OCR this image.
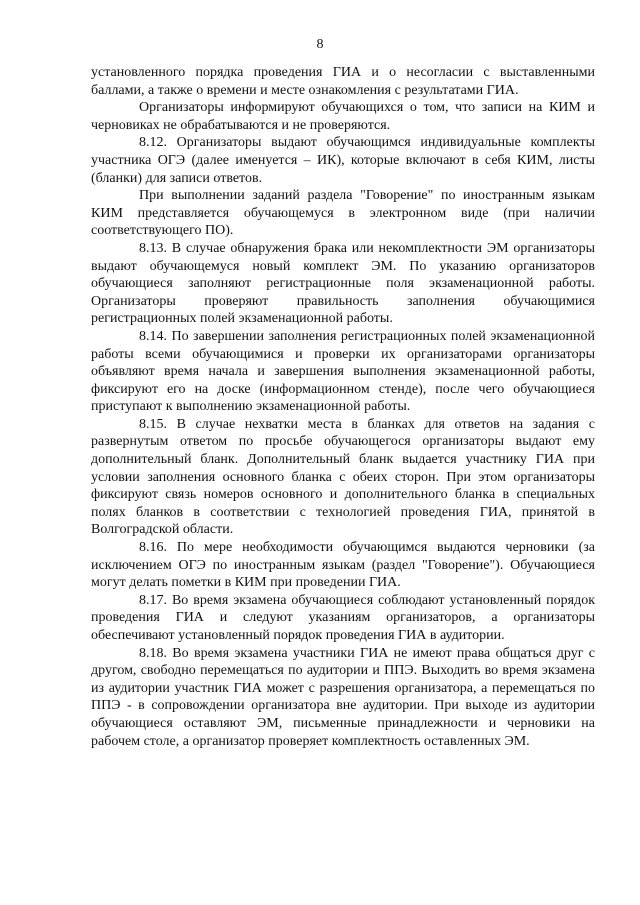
8

установленного порядка проведения ГИА и о несогласии с выставленными баллами, а также о времени и месте ознакомления с результатами ГИА.

Организаторы информируют обучающихся о том, что записи на КИМ и черновиках не обрабатываются и не проверяются.

8.12. Организаторы выдают обучающимся индивидуальные комплекты участника ОГЭ (далее именуется – ИК), которые включают в себя КИМ, листы (бланки) для записи ответов.

При выполнении заданий раздела "Говорение" по иностранным языкам КИМ представляется обучающемуся в электронном виде (при наличии соответствующего ПО).

8.13. В случае обнаружения брака или некомплектности ЭМ организаторы выдают обучающемуся новый комплект ЭМ. По указанию организаторов обучающиеся заполняют регистрационные поля экзаменационной работы. Организаторы проверяют правильность заполнения обучающимися регистрационных полей экзаменационной работы.

8.14. По завершении заполнения регистрационных полей экзаменационной работы всеми обучающимися и проверки их организаторами организаторы объявляют время начала и завершения выполнения экзаменационной работы, фиксируют его на доске (информационном стенде), после чего обучающиеся приступают к выполнению экзаменационной работы.

8.15. В случае нехватки места в бланках для ответов на задания с развернутым ответом по просьбе обучающегося организаторы выдают ему дополнительный бланк. Дополнительный бланк выдается участнику ГИА при условии заполнения основного бланка с обеих сторон. При этом организаторы фиксируют связь номеров основного и дополнительного бланка в специальных полях бланков в соответствии с технологией проведения ГИА, принятой в Волгоградской области.

8.16. По мере необходимости обучающимся выдаются черновики (за исключением ОГЭ по иностранным языкам (раздел "Говорение"). Обучающиеся могут делать пометки в КИМ при проведении ГИА.

8.17. Во время экзамена обучающиеся соблюдают установленный порядок проведения ГИА и следуют указаниям организаторов, а организаторы обеспечивают установленный порядок проведения ГИА в аудитории.

8.18. Во время экзамена участники ГИА не имеют права общаться друг с другом, свободно перемещаться по аудитории и ППЭ. Выходить во время экзамена из аудитории участник ГИА может с разрешения организатора, а перемещаться по ППЭ - в сопровождении организатора вне аудитории. При выходе из аудитории обучающиеся оставляют ЭМ, письменные принадлежности и черновики на рабочем столе, а организатор проверяет комплектность оставленных ЭМ.
